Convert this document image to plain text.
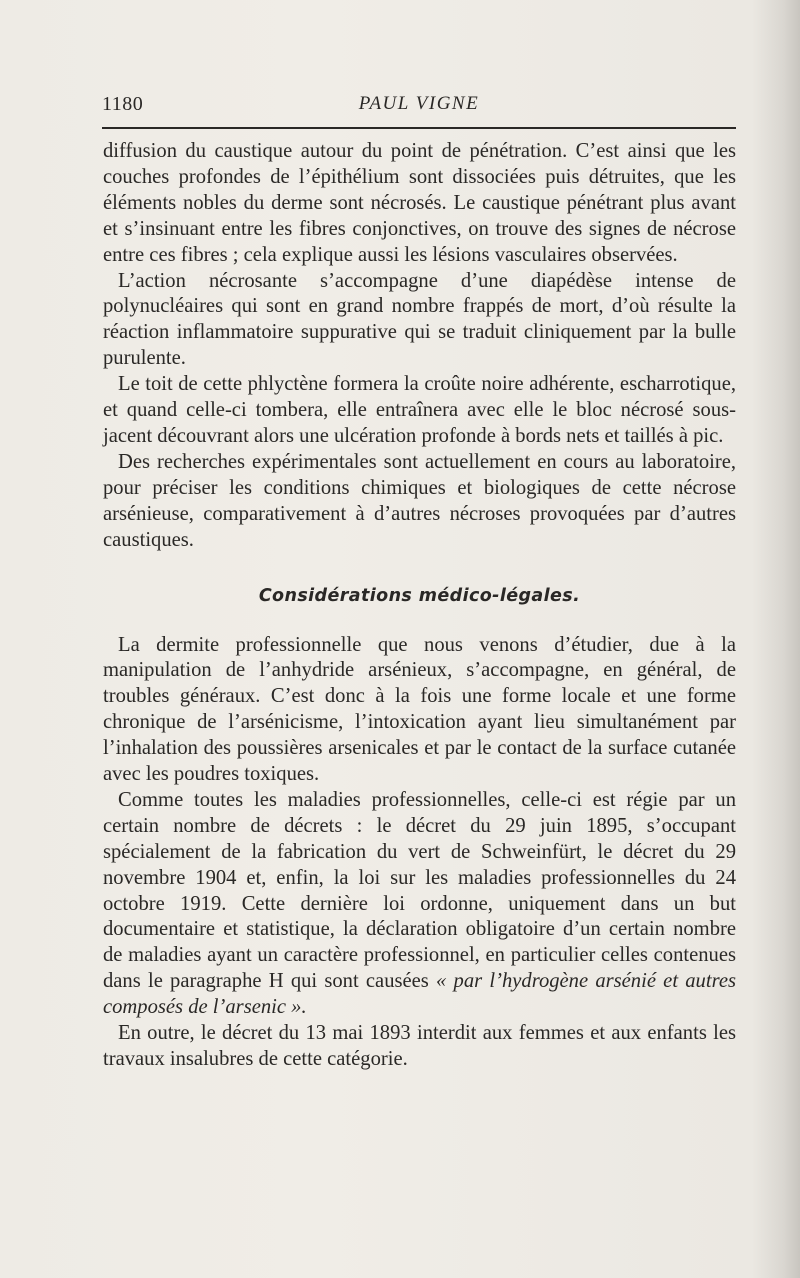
1180	PAUL VIGNE

diffusion du caustique autour du point de pénétration. C’est ainsi que les couches profondes de l’épithélium sont dissociées puis détruites, que les éléments nobles du derme sont nécrosés. Le caustique pénétrant plus avant et s’insinuant entre les fibres conjonctives, on trouve des signes de nécrose entre ces fibres ; cela explique aussi les lésions vasculaires observées.

L’action nécrosante s’accompagne d’une diapédèse intense de polynucléaires qui sont en grand nombre frappés de mort, d’où résulte la réaction inflammatoire suppurative qui se traduit cliniquement par la bulle purulente.

Le toit de cette phlyctène formera la croûte noire adhérente, escharrotique, et quand celle-ci tombera, elle entraînera avec elle le bloc nécrosé sous-jacent découvrant alors une ulcération profonde à bords nets et taillés à pic.

Des recherches expérimentales sont actuellement en cours au laboratoire, pour préciser les conditions chimiques et biologiques de cette nécrose arsénieuse, comparativement à d’autres nécroses provoquées par d’autres caustiques.

Considérations médico-légales.

La dermite professionnelle que nous venons d’étudier, due à la manipulation de l’anhydride arsénieux, s’accompagne, en général, de troubles généraux. C’est donc à la fois une forme locale et une forme chronique de l’arsénicisme, l’intoxication ayant lieu simultanément par l’inhalation des poussières arsenicales et par le contact de la surface cutanée avec les poudres toxiques.

Comme toutes les maladies professionnelles, celle-ci est régie par un certain nombre de décrets : le décret du 29 juin 1895, s’occupant spécialement de la fabrication du vert de Schweinfürt, le décret du 29 novembre 1904 et, enfin, la loi sur les maladies professionnelles du 24 octobre 1919. Cette dernière loi ordonne, uniquement dans un but documentaire et statistique, la déclaration obligatoire d’un certain nombre de maladies ayant un caractère professionnel, en particulier celles contenues dans le paragraphe H qui sont causées « par l’hydrogène arsénié et autres composés de l’arsenic ».

En outre, le décret du 13 mai 1893 interdit aux femmes et aux enfants les travaux insalubres de cette catégorie.
